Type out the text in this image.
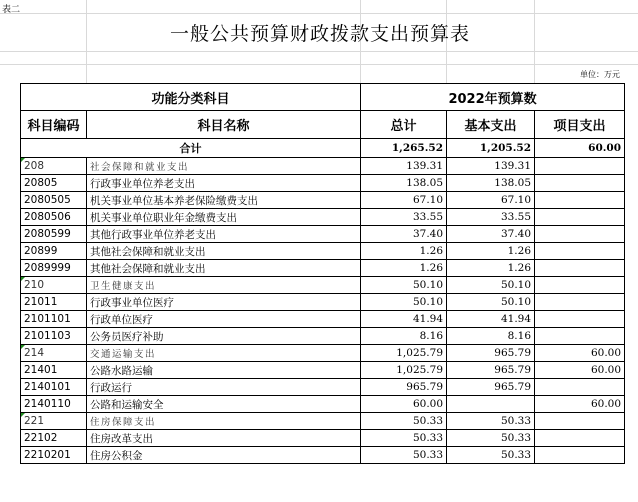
表二
一般公共预算财政拨款支出预算表
单位：万元
功能分类科目		2022年预算数		
科目编码	科目名称	总计	基本支出	项目支出
合计		1,265.52	1,205.52	60.00

208	社会保障和就业支出	139.31	139.31	
20805	行政事业单位养老支出	138.05	138.05	
2080505	机关事业单位基本养老保险缴费支出	67.10	67.10	
2080506	机关事业单位职业年金缴费支出	33.55	33.55	
2080599	其他行政事业单位养老支出	37.40	37.40	
20899	其他社会保障和就业支出	1.26	1.26	
2089999	其他社会保障和就业支出	1.26	1.26	

210	卫生健康支出	50.10	50.10	
21011	行政事业单位医疗	50.10	50.10	
2101101	行政单位医疗	41.94	41.94	
2101103	公务员医疗补助	8.16	8.16	

214	交通运输支出	1,025.79	965.79	60.00
21401	公路水路运输	1,025.79	965.79	60.00
2140101	行政运行	965.79	965.79	
2140110	公路和运输安全	60.00		60.00

221	住房保障支出	50.33	50.33	
22102	住房改革支出	50.33	50.33	
2210201	住房公积金	50.33	50.33	
